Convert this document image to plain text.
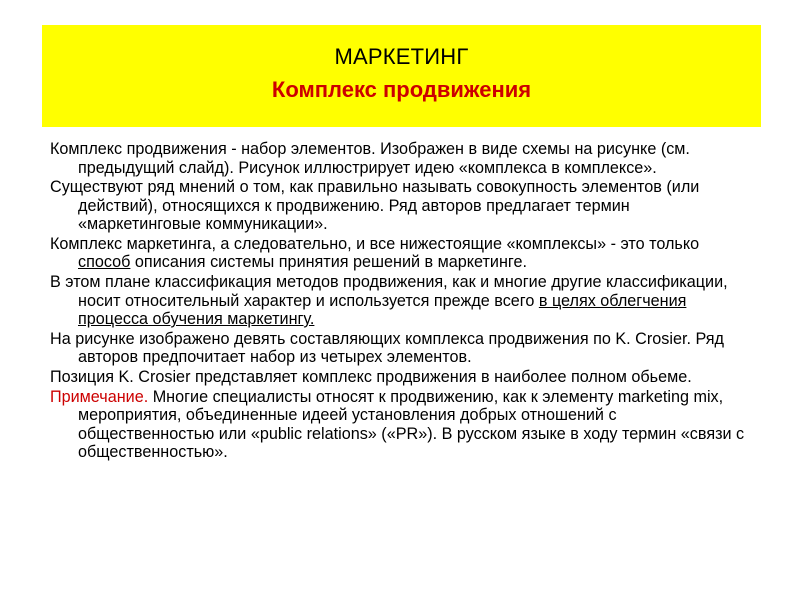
МАРКЕТИНГ
Комплекс продвижения
Комплекс продвижения - набор элементов. Изображен в виде схемы на рисунке (см. предыдущий слайд). Рисунок иллюстрирует идею «комплекса в комплексе».
Существуют ряд мнений о том, как правильно называть совокупность элементов (или действий), относящихся к продвижению. Ряд авторов предлагает термин «маркетинговые коммуникации».
Комплекс маркетинга, а следовательно, и все нижестоящие «комплексы» - это только способ описания системы принятия решений в маркетинге.
В этом плане классификация методов продвижения, как и многие другие классификации, носит относительный характер и используется прежде всего в целях облегчения процесса обучения маркетингу.
На рисунке изображено девять составляющих комплекса продвижения по K. Crosier. Ряд авторов предпочитает набор из четырех элементов.
Позиция K. Crosier представляет комплекс продвижения в наиболее полном обьеме.
Примечание. Многие специалисты относят к продвижению, как к элементу marketing mix, мероприятия, объединенные идеей установления добрых отношений с общественностью или «public relations» («PR»). В русском языке в ходу термин «связи с общественностью».
